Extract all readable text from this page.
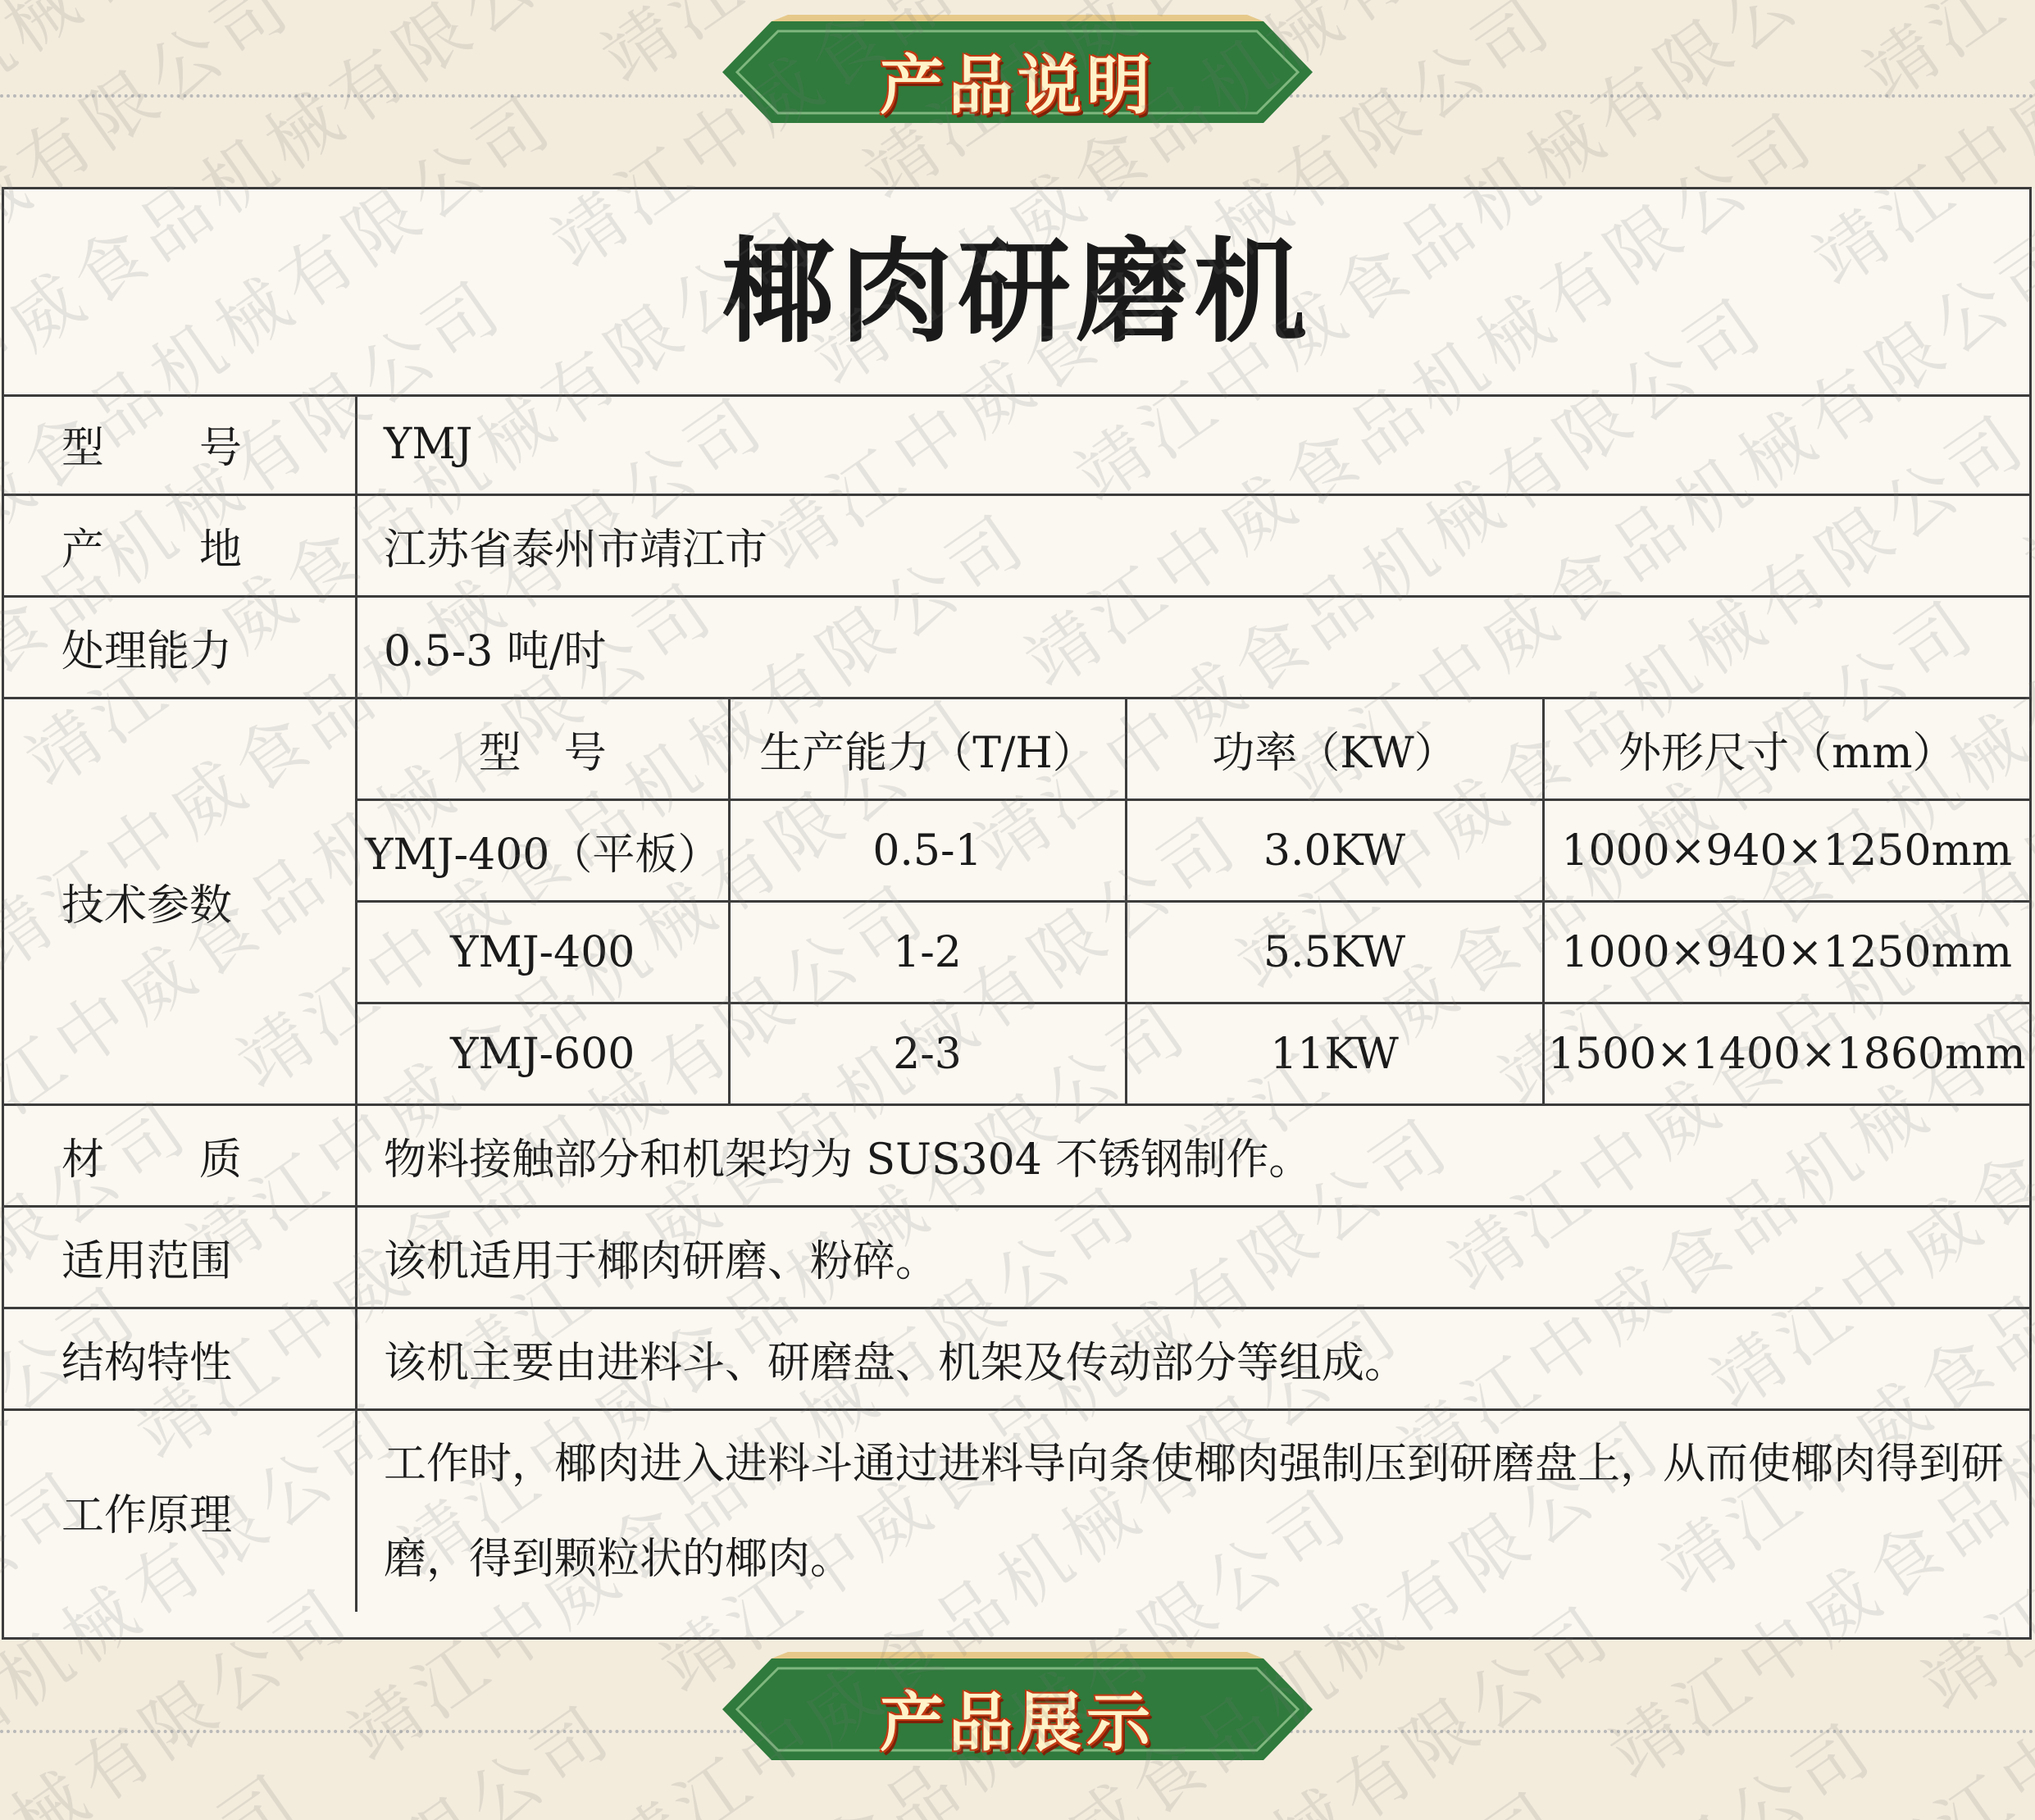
产品说明
椰肉研磨机
型 号	YMJ

产 地	江苏省泰州市靖江市
处理能力	0.5-3 吨/时
技术参数	
型　号	生产能力（T/H）	功率（KW）	外形尺寸（mm）
YMJ-400（平板）	0.5-1	3.0KW	1000×940×1250mm
YMJ-400	1-2	5.5KW	1000×940×1250mm
YMJ-600	2-3	11KW	1500×1400×1860mm

材 质	物料接触部分和机架均为 SUS304 不锈钢制作。
适用范围	该机适用于椰肉研磨、粉碎。
结构特性	该机主要由进料斗、研磨盘、机架及传动部分等组成。
工作原理	工作时，椰肉进入进料斗通过进料导向条使椰肉强制压到研磨盘上，从而使椰肉得到研磨，得到颗粒状的椰肉。
产品展示
